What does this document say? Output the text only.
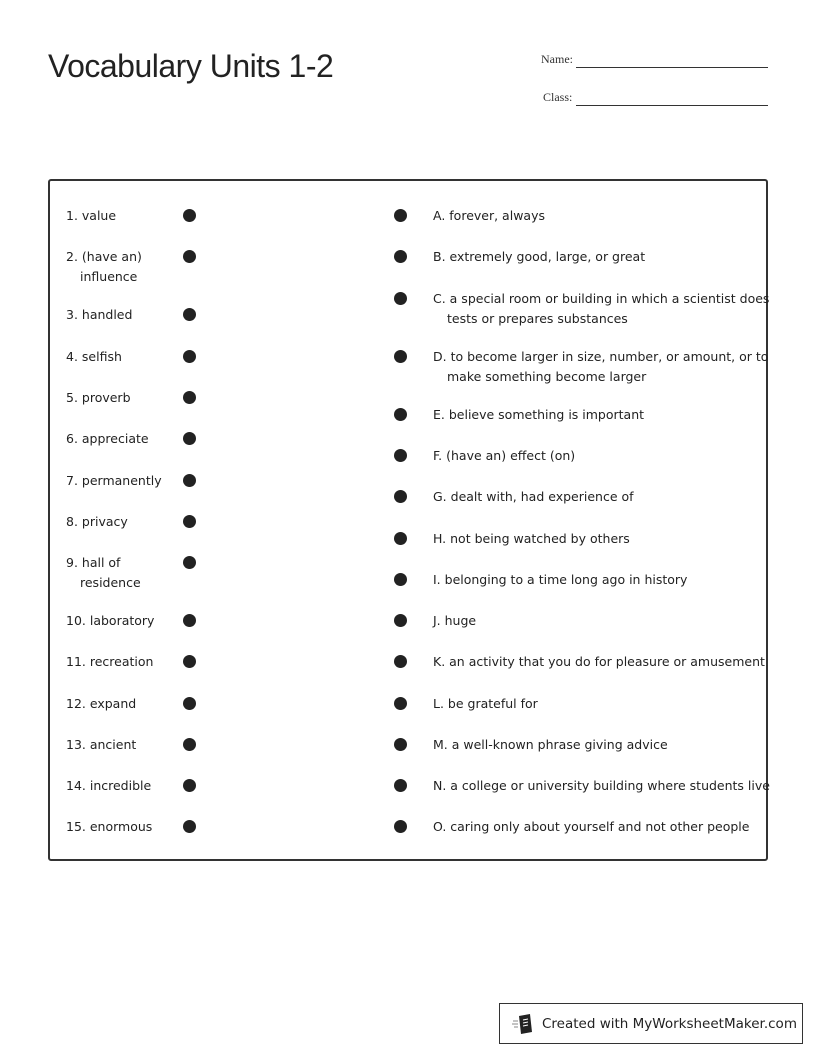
Vocabulary Units 1-2	Name:
Class:
1. value
2. (have an)
influence
3. handled
4. selfish
5. proverb
6. appreciate
7. permanently
8. privacy
9. hall of
residence
10. laboratory
11. recreation
12. expand
13. ancient
14. incredible
15. enormous
A. forever, always
B. extremely good, large, or great
C. a special room or building in which a scientist does
tests or prepares substances
D. to become larger in size, number, or amount, or to
make something become larger
E. believe something is important
F. (have an) effect (on)
G. dealt with, had experience of
H. not being watched by others
I. belonging to a time long ago in history
J. huge
K. an activity that you do for pleasure or amusement
L. be grateful for
M. a well-known phrase giving advice
N. a college or university building where students live
O. caring only about yourself and not other people
Created with MyWorksheetMaker.com
